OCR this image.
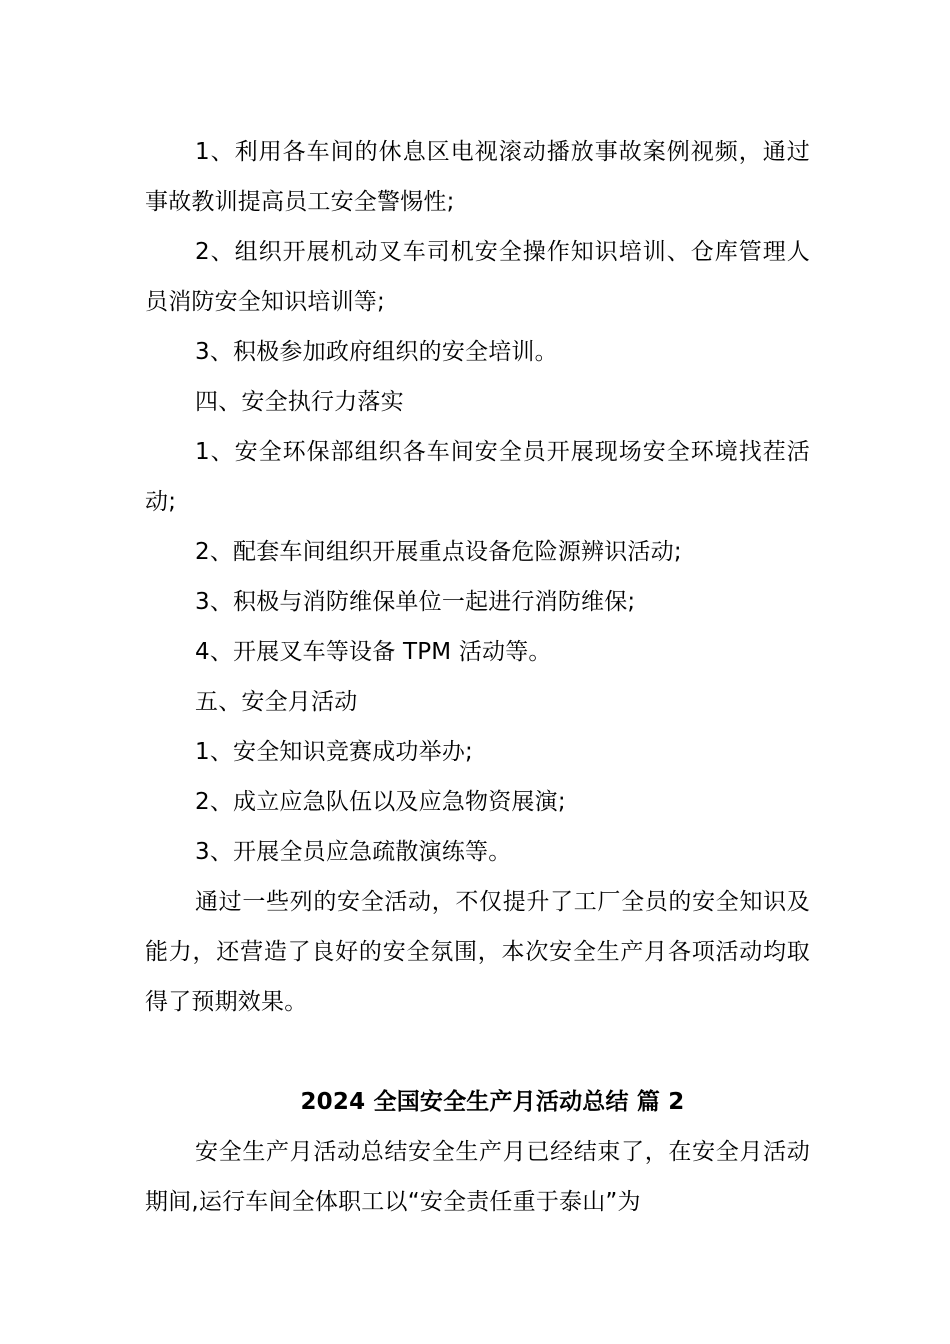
1、利用各车间的休息区电视滚动播放事故案例视频，通过事故教训提高员工安全警惕性;

2、组织开展机动叉车司机安全操作知识培训、仓库管理人员消防安全知识培训等;

3、积极参加政府组织的安全培训。

四、安全执行力落实

1、安全环保部组织各车间安全员开展现场安全环境找茬活动;

2、配套车间组织开展重点设备危险源辨识活动;

3、积极与消防维保单位一起进行消防维保;

4、开展叉车等设备 TPM 活动等。

五、安全月活动

1、安全知识竞赛成功举办;

2、成立应急队伍以及应急物资展演;

3、开展全员应急疏散演练等。

通过一些列的安全活动，不仅提升了工厂全员的安全知识及能力，还营造了良好的安全氛围，本次安全生产月各项活动均取得了预期效果。

2024 全国安全生产月活动总结 篇 2

安全生产月活动总结安全生产月已经结束了，在安全月活动期间,运行车间全体职工以“安全责任重于泰山”为
